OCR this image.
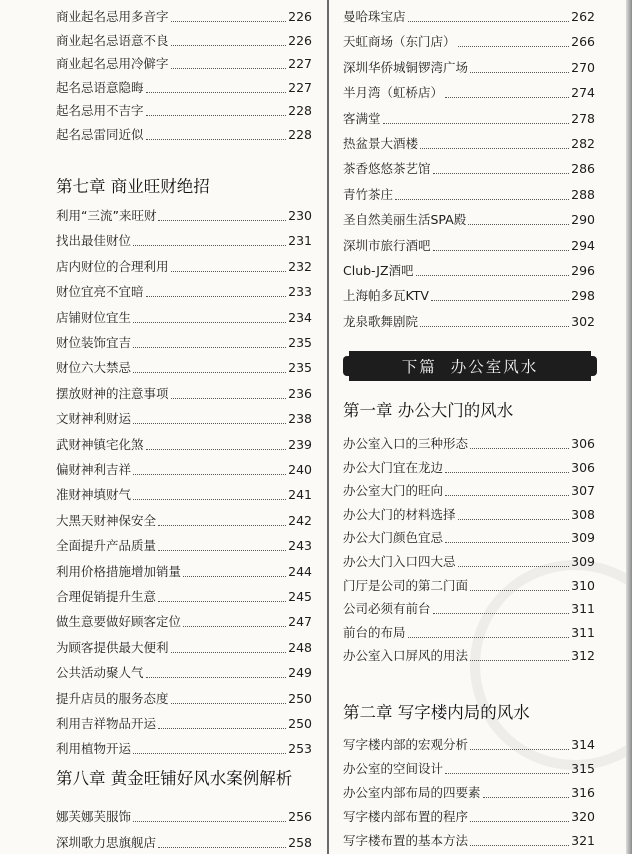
商业起名忌用多音字	226
商业起名忌语意不良	226
商业起名忌用冷僻字	227
起名忌语意隐晦	227
起名忌用不吉字	228
起名忌雷同近似	228
第七章 商业旺财绝招
利用“三流”来旺财	230
找出最佳财位	231
店内财位的合理利用	232
财位宜亮不宜暗	233
店铺财位宜生	234
财位装饰宜吉	235
财位六大禁忌	235
摆放财神的注意事项	236
文财神利财运	238
武财神镇宅化煞	239
偏财神利吉祥	240
准财神填财气	241
大黑天财神保安全	242
全面提升产品质量	243
利用价格措施增加销量	244
合理促销提升生意	245
做生意要做好顾客定位	247
为顾客提供最大便利	248
公共活动聚人气	249
提升店员的服务态度	250
利用吉祥物品开运	250
利用植物开运	253
第八章 黄金旺铺好风水案例解析
娜芙娜芙服饰	256
深圳歌力思旗舰店	258
曼哈珠宝店	262
天虹商场（东门店）	266
深圳华侨城铜锣湾广场	270
半月湾（虹桥店）	274
客满堂	278
热盆景大酒楼	282
茶香悠悠茶艺馆	286
青竹茶庄	288
圣自然美丽生活SPA殿	290
深圳市旅行酒吧	294
Club-JZ酒吧	296
上海帕多瓦KTV	298
龙泉歌舞剧院	302
下篇 办公室风水
第一章 办公大门的风水
办公室入口的三种形态	306
办公大门宜在龙边	306
办公室大门的旺向	307
办公大门的材料选择	308
办公大门颜色宜忌	309
办公大门入口四大忌	309
门厅是公司的第二门面	310
公司必须有前台	311
前台的布局	311
办公室入口屏风的用法	312
第二章 写字楼内局的风水
写字楼内部的宏观分析	314
办公室的空间设计	315
办公室内部布局的四要素	316
写字楼内部布置的程序	320
写字楼布置的基本方法	321
